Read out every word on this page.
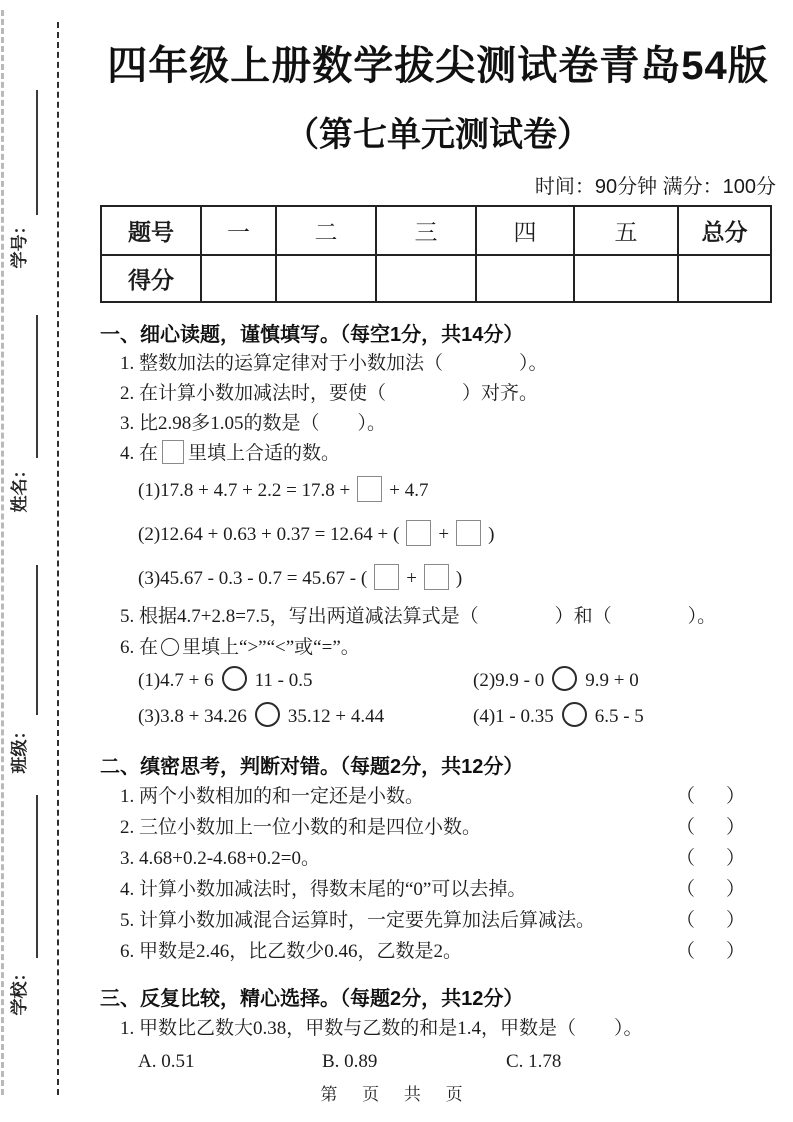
学号：
姓名：
班级：
学校：
四年级上册数学拔尖测试卷青岛54版
（第七单元测试卷）
时间：90分钟 满分：100分
题号	一	二	三	四	五	总分
得分						
一、细心读题，谨慎填写。（每空1分，共14分）
1. 整数加法的运算定律对于小数加法（　　　　）。
2. 在计算小数加减法时，要使（　　　　）对齐。
3. 比2.98多1.05的数是（　　）。
4. 在 里填上合适的数。
(1)17.8 + 4.7 + 2.2 = 17.8 + + 4.7
(2)12.64 + 0.63 + 0.37 = 12.64 + ( + )
(3)45.67 - 0.3 - 0.7 = 45.67 - ( + )
5. 根据4.7+2.8=7.5，写出两道减法算式是（　　　　）和（　　　　）。
6. 在 里填上“>”“<”或“=”。
(1)4.7 + 6 11 - 0.5	(2)9.9 - 0 9.9 + 0
(3)3.8 + 34.26 35.12 + 4.44	(4)1 - 0.35 6.5 - 5
二、缜密思考，判断对错。（每题2分，共12分）
1. 两个小数相加的和一定还是小数。	（　）
2. 三位小数加上一位小数的和是四位小数。	（　）
3. 4.68+0.2-4.68+0.2=0。	（　）
4. 计算小数加减法时，得数末尾的“0”可以去掉。	（　）
5. 计算小数加减混合运算时，一定要先算加法后算减法。	（　）
6. 甲数是2.46，比乙数少0.46，乙数是2。	（　）
三、反复比较，精心选择。（每题2分，共12分）
1. 甲数比乙数大0.38，甲数与乙数的和是1.4，甲数是（　　）。
A. 0.51	B. 0.89	C. 1.78
第 页 共 页
